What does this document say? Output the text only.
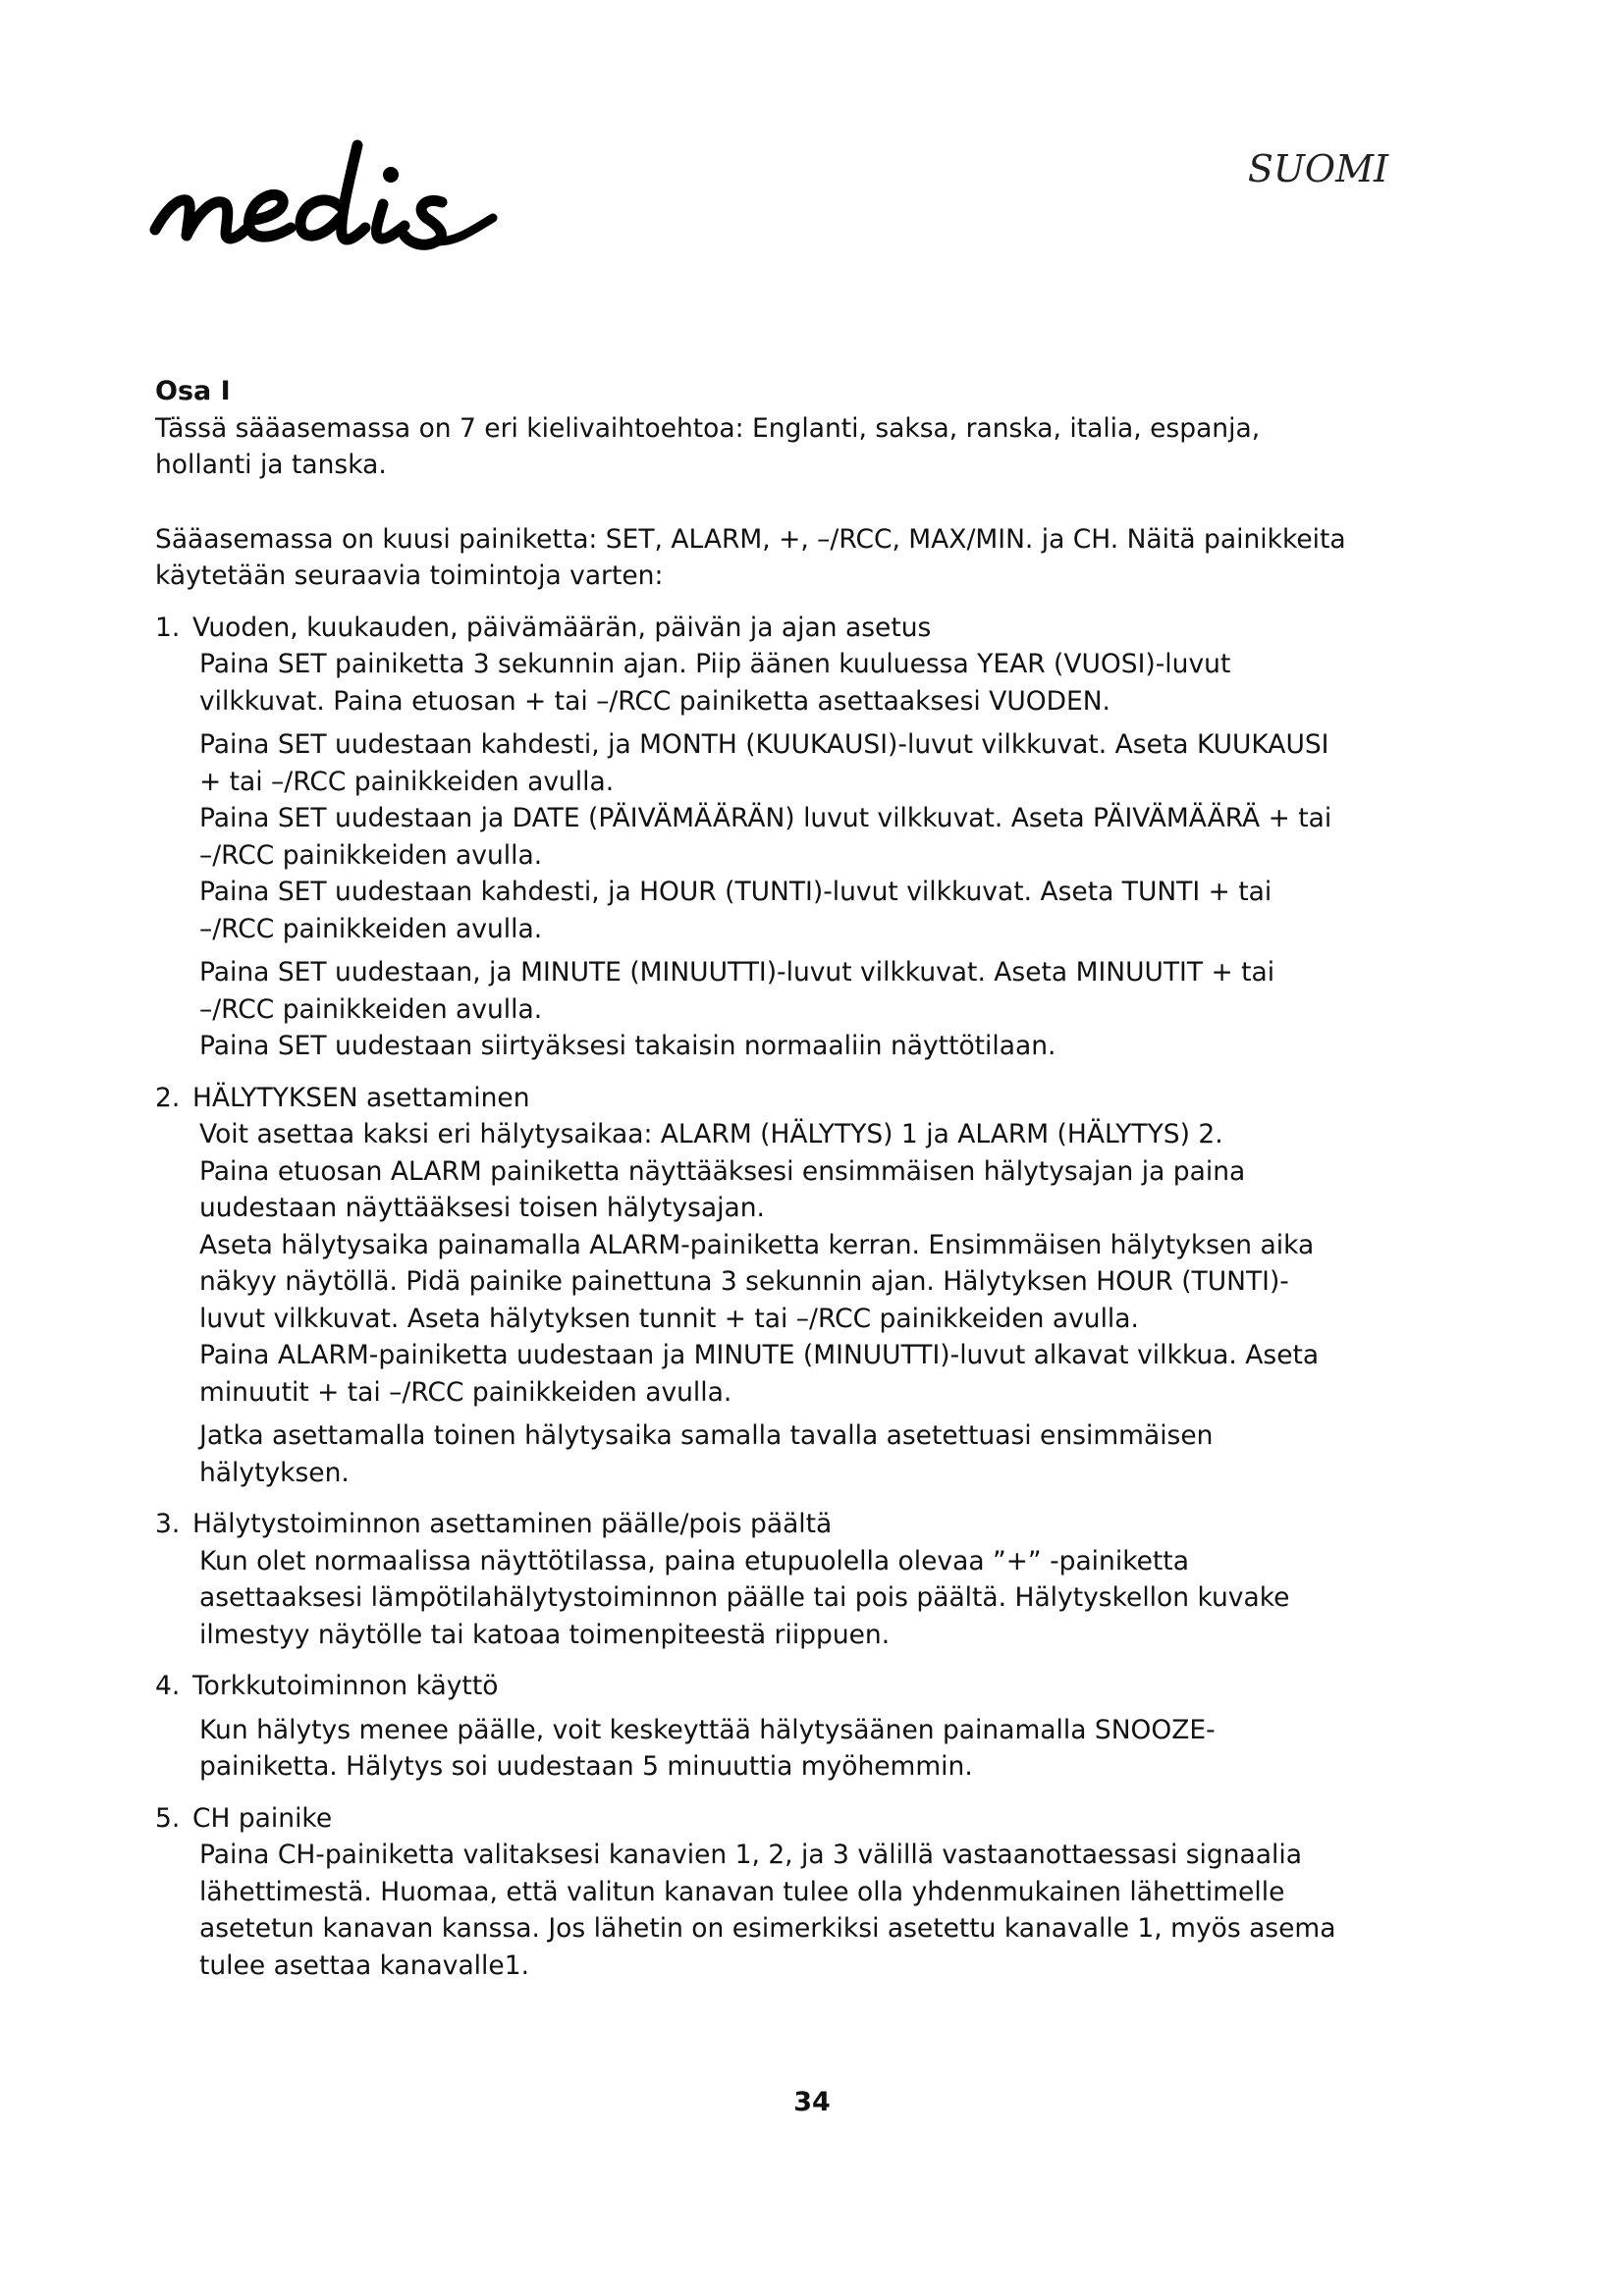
SUOMI

Osa I

Tässä sääasemassa on 7 eri kielivaihtoehtoa: Englanti, saksa, ranska, italia, espanja, hollanti ja tanska.

Sääasemassa on kuusi painiketta: SET, ALARM, +, –/RCC, MAX/MIN. ja CH. Näitä painikkeita käytetään seuraavia toimintoja varten:

1. Vuoden, kuukauden, päivämäärän, päivän ja ajan asetus

Paina SET painiketta 3 sekunnin ajan. Piip äänen kuuluessa YEAR (VUOSI)-luvut vilkkuvat. Paina etuosan + tai –/RCC painiketta asettaaksesi VUODEN.

Paina SET uudestaan kahdesti, ja MONTH (KUUKAUSI)-luvut vilkkuvat. Aseta KUUKAUSI + tai –/RCC painikkeiden avulla.

Paina SET uudestaan ja DATE (PÄIVÄMÄÄRÄN) luvut vilkkuvat. Aseta PÄIVÄMÄÄRÄ + tai –/RCC painikkeiden avulla.

Paina SET uudestaan kahdesti, ja HOUR (TUNTI)-luvut vilkkuvat. Aseta TUNTI + tai –/RCC painikkeiden avulla.

Paina SET uudestaan, ja MINUTE (MINUUTTI)-luvut vilkkuvat. Aseta MINUUTIT + tai –/RCC painikkeiden avulla.

Paina SET uudestaan siirtyäksesi takaisin normaaliin näyttötilaan.

2. HÄLYTYKSEN asettaminen

Voit asettaa kaksi eri hälytysaikaa: ALARM (HÄLYTYS) 1 ja ALARM (HÄLYTYS) 2.

Paina etuosan ALARM painiketta näyttääksesi ensimmäisen hälytysajan ja paina uudestaan näyttääksesi toisen hälytysajan.

Aseta hälytysaika painamalla ALARM-painiketta kerran. Ensimmäisen hälytyksen aika näkyy näytöllä. Pidä painike painettuna 3 sekunnin ajan. Hälytyksen HOUR (TUNTI)-luvut vilkkuvat. Aseta hälytyksen tunnit + tai –/RCC painikkeiden avulla.

Paina ALARM-painiketta uudestaan ja MINUTE (MINUUTTI)-luvut alkavat vilkkua. Aseta minuutit + tai –/RCC painikkeiden avulla.

Jatka asettamalla toinen hälytysaika samalla tavalla asetettuasi ensimmäisen hälytyksen.

3. Hälytystoiminnon asettaminen päälle/pois päältä

Kun olet normaalissa näyttötilassa, paina etupuolella olevaa ”+” -painiketta asettaaksesi lämpötilahälytystoiminnon päälle tai pois päältä. Hälytyskellon kuvake ilmestyy näytölle tai katoaa toimenpiteestä riippuen.

4. Torkkutoiminnon käyttö

Kun hälytys menee päälle, voit keskeyttää hälytysäänen painamalla SNOOZE-painiketta. Hälytys soi uudestaan 5 minuuttia myöhemmin.

5. CH painike

Paina CH-painiketta valitaksesi kanavien 1, 2, ja 3 välillä vastaanottaessasi signaalia lähettimestä. Huomaa, että valitun kanavan tulee olla yhdenmukainen lähettimelle asetetun kanavan kanssa. Jos lähetin on esimerkiksi asetettu kanavalle 1, myös asema tulee asettaa kanavalle1.

34
